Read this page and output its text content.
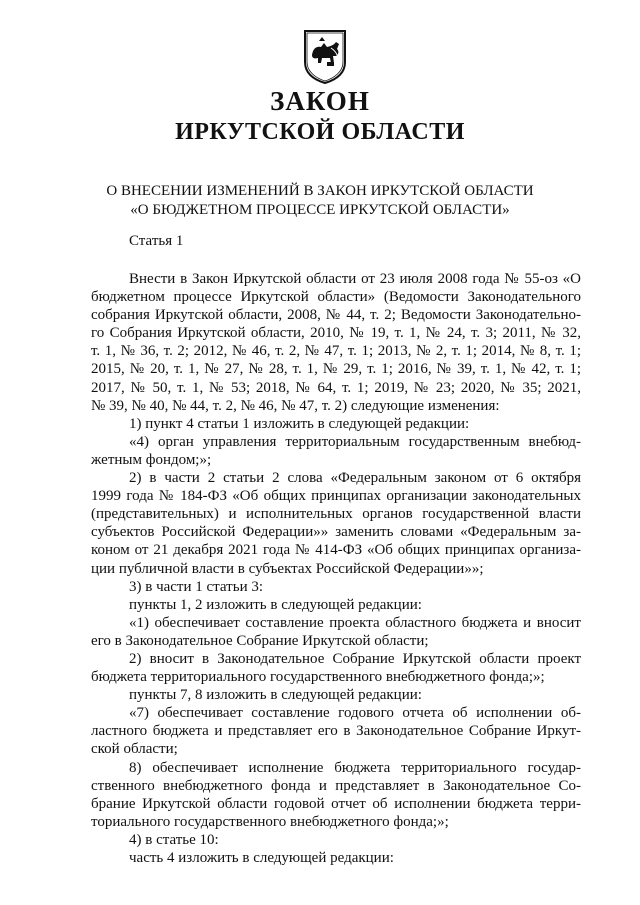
ЗАКОН
ИРКУТСКОЙ ОБЛАСТИ
О ВНЕСЕНИИ ИЗМЕНЕНИЙ В ЗАКОН ИРКУТСКОЙ ОБЛАСТИ
«О БЮДЖЕТНОМ ПРОЦЕССЕ ИРКУТСКОЙ ОБЛАСТИ»
Статья 1
Внести в Закон Иркутской области от 23 июля 2008 года № 55-оз «О
бюджетном процессе Иркутской области» (Ведомости Законодательного
собрания Иркутской области, 2008, № 44, т. 2; Ведомости Законодательно-
го Собрания Иркутской области, 2010, № 19, т. 1, № 24, т. 3; 2011, № 32,
т. 1, № 36, т. 2; 2012, № 46, т. 2, № 47, т. 1; 2013, № 2, т. 1; 2014, № 8, т. 1;
2015, № 20, т. 1, № 27, № 28, т. 1, № 29, т. 1; 2016, № 39, т. 1, № 42, т. 1;
2017, № 50, т. 1, № 53; 2018, № 64, т. 1; 2019, № 23; 2020, № 35; 2021,
№ 39, № 40, № 44, т. 2, № 46, № 47, т. 2) следующие изменения:
1) пункт 4 статьи 1 изложить в следующей редакции:
«4) орган управления территориальным государственным внебюд-
жетным фондом;»;
2) в части 2 статьи 2 слова «Федеральным законом от 6 октября
1999 года № 184-ФЗ «Об общих принципах организации законодательных
(представительных) и исполнительных органов государственной власти
субъектов Российской Федерации»» заменить словами «Федеральным за-
коном от 21 декабря 2021 года № 414-ФЗ «Об общих принципах организа-
ции публичной власти в субъектах Российской Федерации»»;
3) в части 1 статьи 3:
пункты 1, 2 изложить в следующей редакции:
«1) обеспечивает составление проекта областного бюджета и вносит
его в Законодательное Собрание Иркутской области;
2) вносит в Законодательное Собрание Иркутской области проект
бюджета территориального государственного внебюджетного фонда;»;
пункты 7, 8 изложить в следующей редакции:
«7) обеспечивает составление годового отчета об исполнении об-
ластного бюджета и представляет его в Законодательное Собрание Иркут-
ской области;
8) обеспечивает исполнение бюджета территориального государ-
ственного внебюджетного фонда и представляет в Законодательное Со-
брание Иркутской области годовой отчет об исполнении бюджета терри-
ториального государственного внебюджетного фонда;»;
4) в статье 10:
часть 4 изложить в следующей редакции:
